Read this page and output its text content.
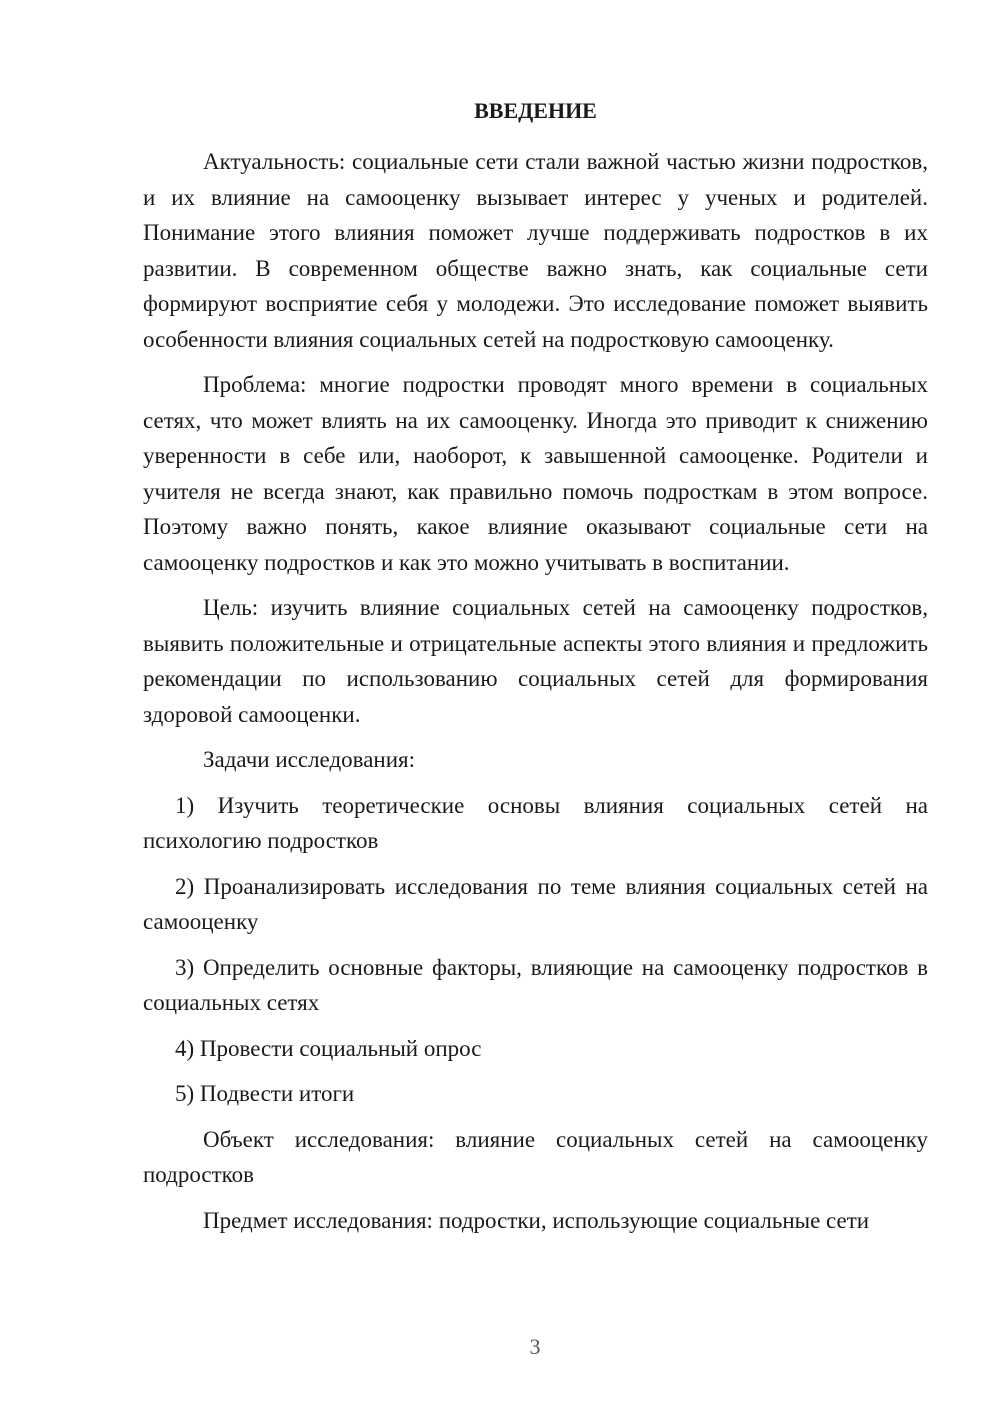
ВВЕДЕНИЕ

Актуальность: социальные сети стали важной частью жизни подростков, и их влияние на самооценку вызывает интерес у ученых и родителей. Понимание этого влияния поможет лучше поддерживать подростков в их развитии. В современном обществе важно знать, как социальные сети формируют восприятие себя у молодежи. Это исследование поможет выявить особенности влияния социальных сетей на подростковую самооценку.

Проблема: многие подростки проводят много времени в социальных сетях, что может влиять на их самооценку. Иногда это приводит к снижению уверенности в себе или, наоборот, к завышенной самооценке. Родители и учителя не всегда знают, как правильно помочь подросткам в этом вопросе. Поэтому важно понять, какое влияние оказывают социальные сети на самооценку подростков и как это можно учитывать в воспитании.

Цель: изучить влияние социальных сетей на самооценку подростков, выявить положительные и отрицательные аспекты этого влияния и предложить рекомендации по использованию социальных сетей для формирования здоровой самооценки.

Задачи исследования:

1) Изучить теоретические основы влияния социальных сетей на психологию подростков

2) Проанализировать исследования по теме влияния социальных сетей на самооценку

3) Определить основные факторы, влияющие на самооценку подростков в социальных сетях

4) Провести социальный опрос

5) Подвести итоги

Объект исследования: влияние социальных сетей на самооценку подростков

Предмет исследования: подростки, использующие социальные сети

3
